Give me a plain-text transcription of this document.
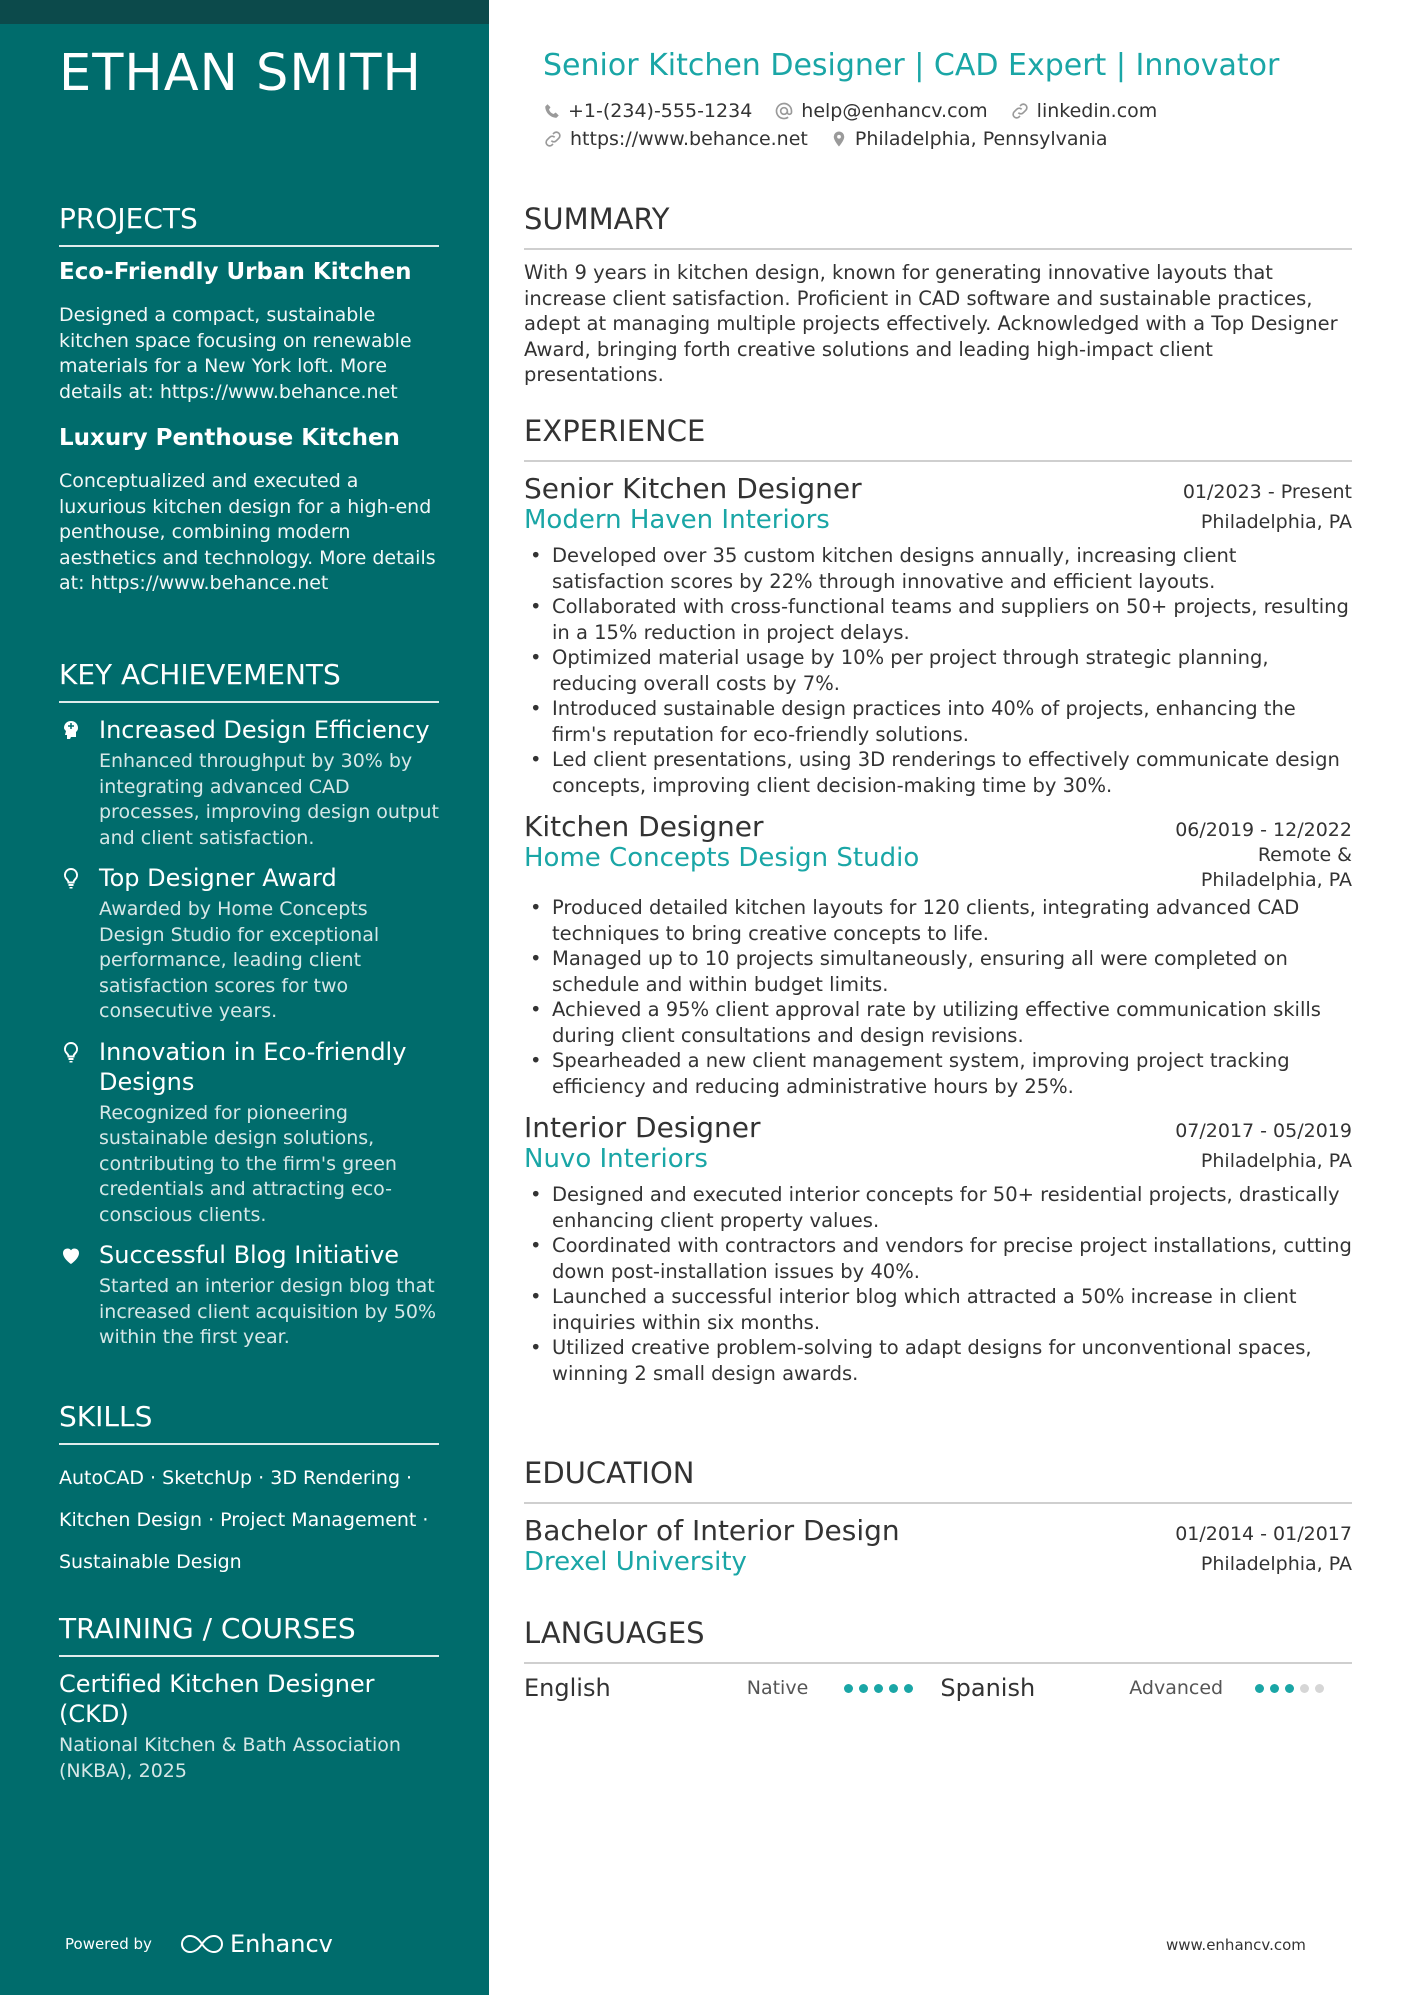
ETHAN SMITH
PROJECTS
Eco-Friendly Urban Kitchen
Designed a compact, sustainable kitchen space focusing on renewable materials for a New York loft. More details at: https://www.behance.net
Luxury Penthouse Kitchen
Conceptualized and executed a luxurious kitchen design for a high-end penthouse, combining modern aesthetics and technology. More details at: https://www.behance.net
KEY ACHIEVEMENTS
Increased Design Efficiency
Enhanced throughput by 30% by integrating advanced CAD processes, improving design output and client satisfaction.
Top Designer Award
Awarded by Home Concepts Design Studio for exceptional performance, leading client satisfaction scores for two consecutive years.
Innovation in Eco-friendly Designs
Recognized for pioneering sustainable design solutions, contributing to the firm's green credentials and attracting eco-conscious clients.
Successful Blog Initiative
Started an interior design blog that increased client acquisition by 50% within the first year.
SKILLS
AutoCAD · SketchUp · 3D Rendering ·
Kitchen Design · Project Management ·
Sustainable Design
TRAINING / COURSES
Certified Kitchen Designer (CKD)
National Kitchen & Bath Association (NKBA), 2025
Powered by	Enhancv
Senior Kitchen Designer | CAD Expert | Innovator
+1-(234)-555-1234	help@enhancv.com	linkedin.com
https://www.behance.net Philadelphia, Pennsylvania
SUMMARY
With 9 years in kitchen design, known for generating innovative layouts that increase client satisfaction. Proficient in CAD software and sustainable practices, adept at managing multiple projects effectively. Acknowledged with a Top Designer Award, bringing forth creative solutions and leading high-impact client presentations.
EXPERIENCE
Senior Kitchen Designer	01/2023 - Present
Modern Haven Interiors	Philadelphia, PA
• Developed over 35 custom kitchen designs annually, increasing client satisfaction scores by 22% through innovative and efficient layouts.
• Collaborated with cross-functional teams and suppliers on 50+ projects, resulting in a 15% reduction in project delays.
• Optimized material usage by 10% per project through strategic planning, reducing overall costs by 7%.
• Introduced sustainable design practices into 40% of projects, enhancing the firm's reputation for eco-friendly solutions.
• Led client presentations, using 3D renderings to effectively communicate design concepts, improving client decision-making time by 30%.
Kitchen Designer	06/2019 - 12/2022
Home Concepts Design Studio	Remote &
Philadelphia, PA
• Produced detailed kitchen layouts for 120 clients, integrating advanced CAD techniques to bring creative concepts to life.
• Managed up to 10 projects simultaneously, ensuring all were completed on schedule and within budget limits.
• Achieved a 95% client approval rate by utilizing effective communication skills during client consultations and design revisions.
• Spearheaded a new client management system, improving project tracking efficiency and reducing administrative hours by 25%.
Interior Designer	07/2017 - 05/2019
Nuvo Interiors	Philadelphia, PA
• Designed and executed interior concepts for 50+ residential projects, drastically enhancing client property values.
• Coordinated with contractors and vendors for precise project installations, cutting down post-installation issues by 40%.
• Launched a successful interior blog which attracted a 50% increase in client inquiries within six months.
• Utilized creative problem-solving to adapt designs for unconventional spaces, winning 2 small design awards.
EDUCATION
Bachelor of Interior Design	01/2014 - 01/2017
Drexel University	Philadelphia, PA
LANGUAGES
English	Native	Spanish	Advanced
www.enhancv.com
